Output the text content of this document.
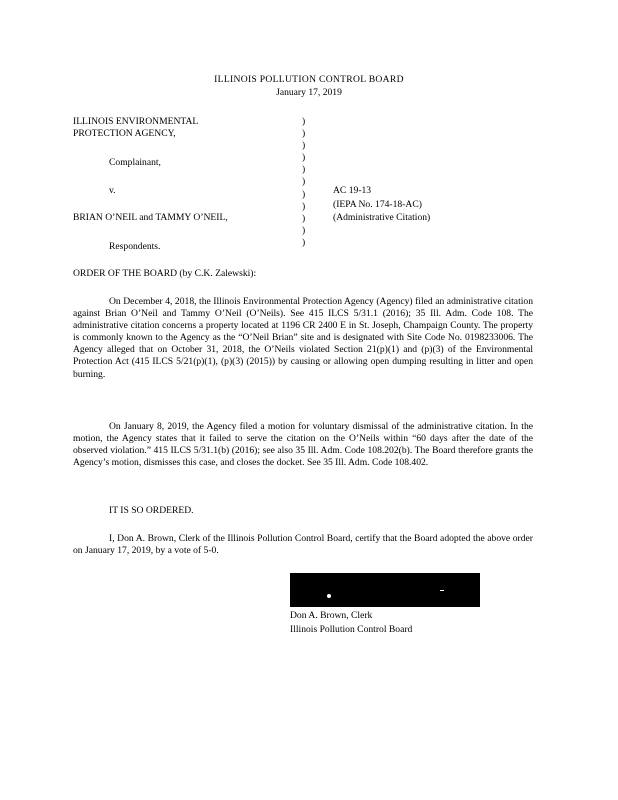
ILLINOIS POLLUTION CONTROL BOARD
January 17, 2019
ILLINOIS ENVIRONMENTAL
PROTECTION AGENCY,
Complainant,
v.
BRIAN O’NEIL and TAMMY O’NEIL,
Respondents.
)
)
)
)
)
)
)
)
)
)
)
AC 19-13
(IEPA No. 174-18-AC)
(Administrative Citation)
ORDER OF THE BOARD (by C.K. Zalewski):
On December 4, 2018, the Illinois Environmental Protection Agency (Agency) filed an administrative citation against Brian O’Neil and Tammy O’Neil (O’Neils). See 415 ILCS 5/31.1 (2016); 35 Ill. Adm. Code 108. The administrative citation concerns a property located at 1196 CR 2400 E in St. Joseph, Champaign County. The property is commonly known to the Agency as the “O’Neil Brian” site and is designated with Site Code No. 0198233006. The Agency alleged that on October 31, 2018, the O’Neils violated Section 21(p)(1) and (p)(3) of the Environmental Protection Act (415 ILCS 5/21(p)(1), (p)(3) (2015)) by causing or allowing open dumping resulting in litter and open burning.
On January 8, 2019, the Agency filed a motion for voluntary dismissal of the administrative citation. In the motion, the Agency states that it failed to serve the citation on the O’Neils within “60 days after the date of the observed violation.” 415 ILCS 5/31.1(b) (2016); see also 35 Ill. Adm. Code 108.202(b). The Board therefore grants the Agency’s motion, dismisses this case, and closes the docket. See 35 Ill. Adm. Code 108.402.
IT IS SO ORDERED.
I, Don A. Brown, Clerk of the Illinois Pollution Control Board, certify that the Board adopted the above order on January 17, 2019, by a vote of 5-0.
Don A. Brown, Clerk
Illinois Pollution Control Board
